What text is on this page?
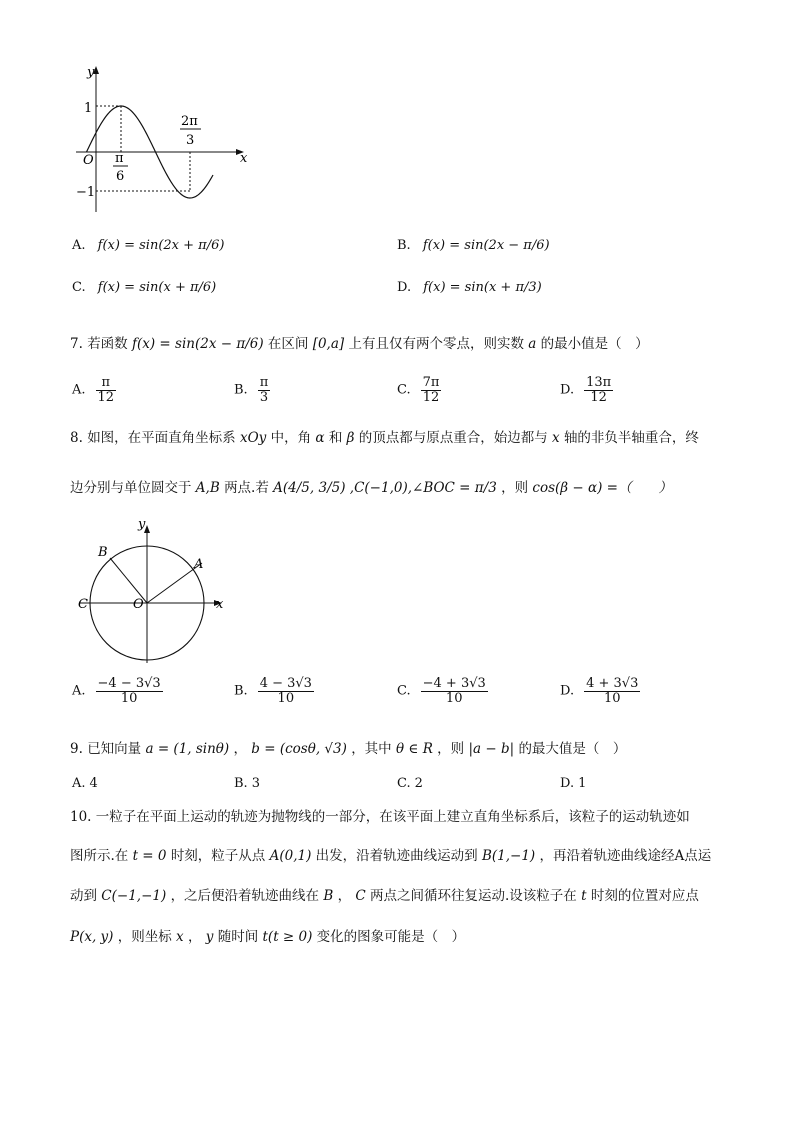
y
x
O
1
−1
π
6
2π
3
A. f(x) = sin(2x + π/6)	B. f(x) = sin(2x − π/6)
C. f(x) = sin(x + π/6)	D. f(x) = sin(x + π/3)
7. 若函数 f(x) = sin(2x − π/6) 在区间 [0,a] 上有且仅有两个零点，则实数 a 的最小值是（　）
A. $\frac{\pi}{12}$	B. $\frac{\pi}{3}$	C. $\frac{7\pi}{12}$	D. $\frac{13\pi}{12}$
8. 如图，在平面直角坐标系 xOy 中，角 α 和 β 的顶点都与原点重合，始边都与 x 轴的非负半轴重合，终
边分别与单位圆交于 A,B 两点.若 A(4/5, 3/5) ,C(−1,0),∠BOC = π/3 ，则 cos(β − α) =（　　）
y
x
O
A
B
C
A. $\frac{-4 - 3√3}{10}$	B. $\frac{4 - 3√3}{10}$	C. $\frac{-4 + 3√3}{10}$	D. $\frac{4 + 3√3}{10}$
9. 已知向量 a = (1, sinθ) ， b = (cosθ, √3) ，其中 θ ∈ R ，则 |a − b| 的最大值是（　）
A. 4	B. 3	C. 2	D. 1
10. 一粒子在平面上运动的轨迹为抛物线的一部分，在该平面上建立直角坐标系后，该粒子的运动轨迹如
图所示.在 t = 0 时刻，粒子从点 A(0,1) 出发，沿着轨迹曲线运动到 B(1,−1) ，再沿着轨迹曲线途经A点运
动到 C(−1,−1) ，之后便沿着轨迹曲线在 B ， C 两点之间循环往复运动.设该粒子在 t 时刻的位置对应点
P(x, y) ，则坐标 x ， y 随时间 t(t ≥ 0) 变化的图象可能是（　）
